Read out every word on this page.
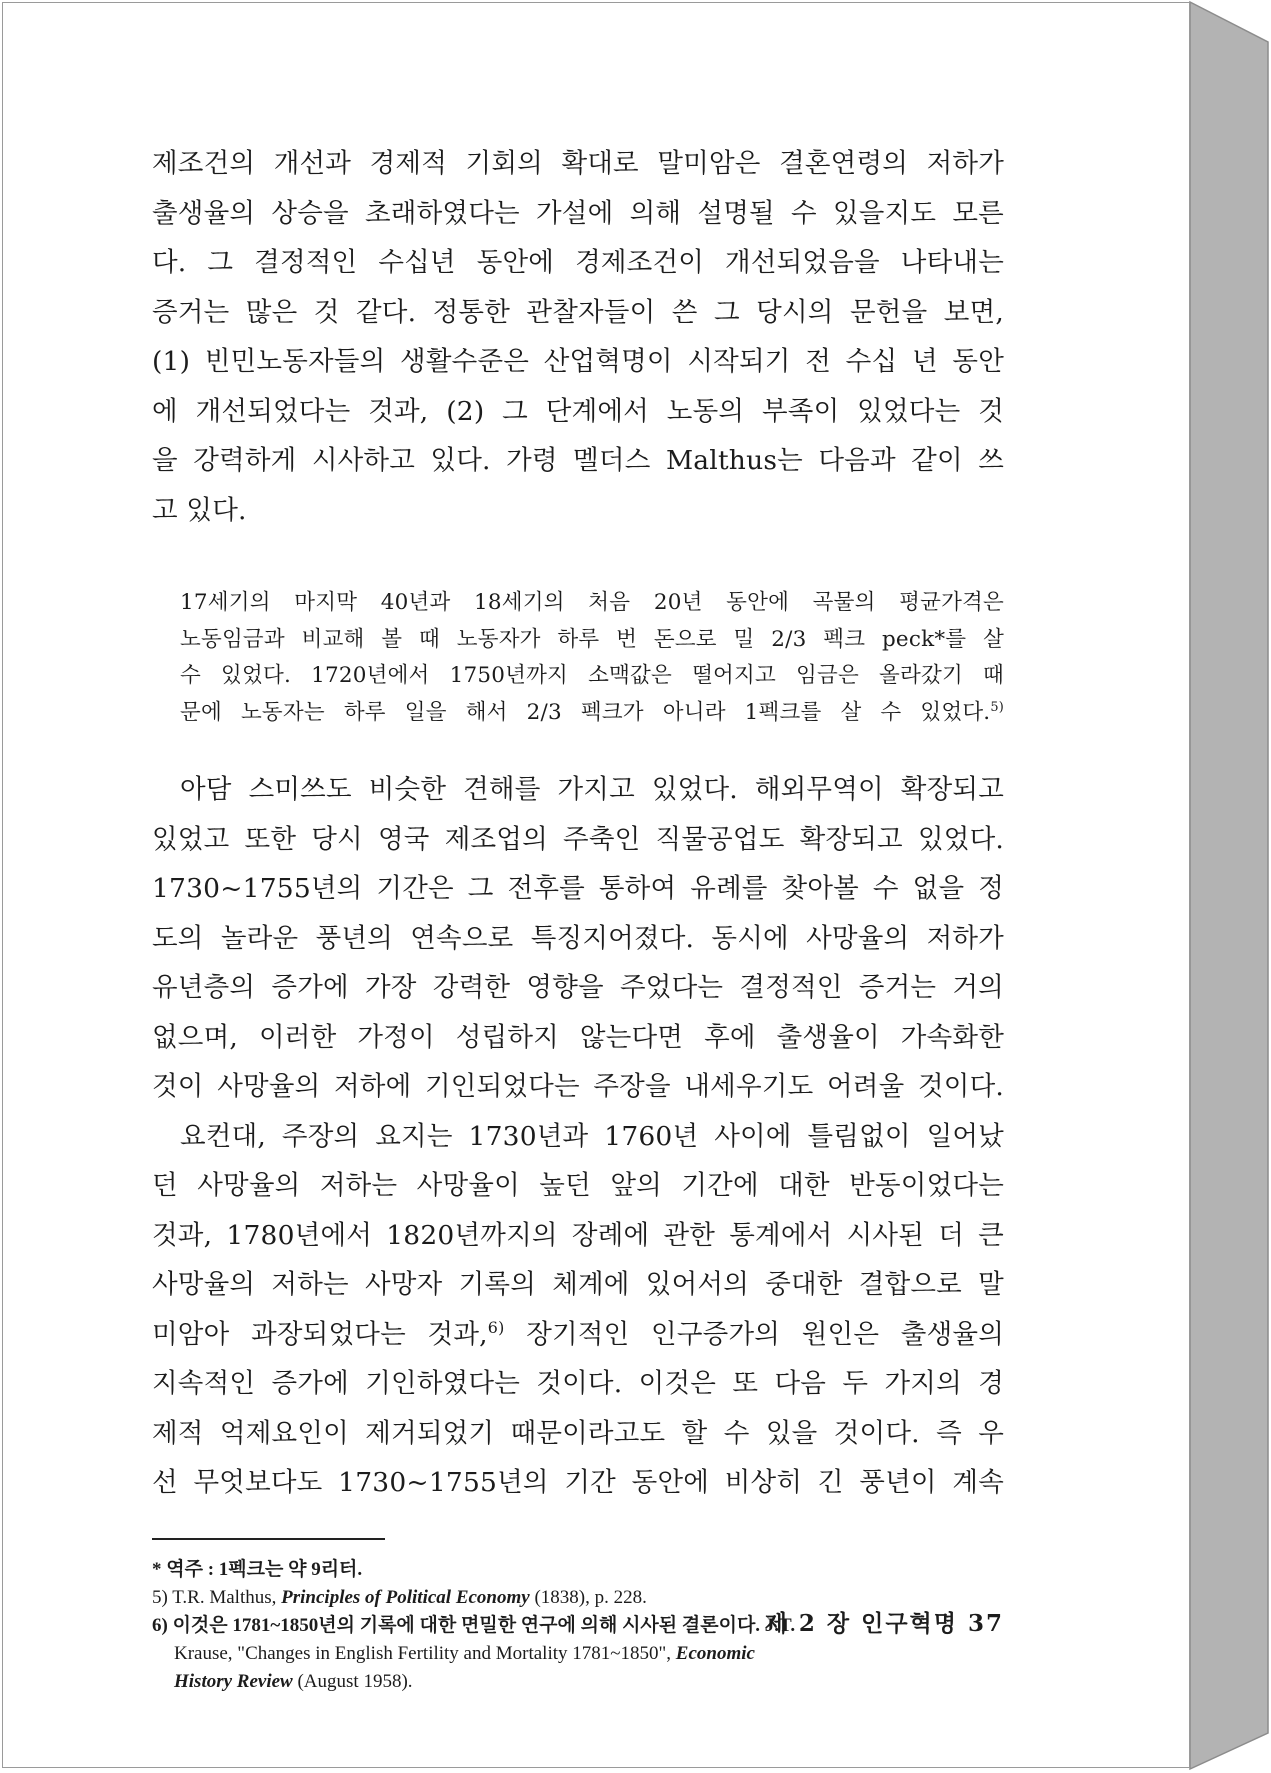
제조건의 개선과 경제적 기회의 확대로 말미암은 결혼연령의 저하가
출생율의 상승을 초래하였다는 가설에 의해 설명될 수 있을지도 모른
다. 그 결정적인 수십년 동안에 경제조건이 개선되었음을 나타내는
증거는 많은 것 같다. 정통한 관찰자들이 쓴 그 당시의 문헌을 보면,
(1) 빈민노동자들의 생활수준은 산업혁명이 시작되기 전 수십 년 동안
에 개선되었다는 것과, (2) 그 단계에서 노동의 부족이 있었다는 것
을 강력하게 시사하고 있다. 가령 멜더스 Malthus는 다음과 같이 쓰
고 있다.
17세기의 마지막 40년과 18세기의 처음 20년 동안에 곡물의 평균가격은
노동임금과 비교해 볼 때 노동자가 하루 번 돈으로 밀 2/3 펙크 peck*를 살
수 있었다. 1720년에서 1750년까지 소맥값은 떨어지고 임금은 올라갔기 때
문에 노동자는 하루 일을 해서 2/3 펙크가 아니라 1펙크를 살 수 있었다.$^{5)}$
아담 스미쓰도 비슷한 견해를 가지고 있었다. 해외무역이 확장되고
있었고 또한 당시 영국 제조업의 주축인 직물공업도 확장되고 있었다.
1730~1755년의 기간은 그 전후를 통하여 유례를 찾아볼 수 없을 정
도의 놀라운 풍년의 연속으로 특징지어졌다. 동시에 사망율의 저하가
유년층의 증가에 가장 강력한 영향을 주었다는 결정적인 증거는 거의
없으며, 이러한 가정이 성립하지 않는다면 후에 출생율이 가속화한
것이 사망율의 저하에 기인되었다는 주장을 내세우기도 어려울 것이다.
요컨대, 주장의 요지는 1730년과 1760년 사이에 틀림없이 일어났
던 사망율의 저하는 사망율이 높던 앞의 기간에 대한 반동이었다는
것과, 1780년에서 1820년까지의 장례에 관한 통계에서 시사된 더 큰
사망율의 저하는 사망자 기록의 체계에 있어서의 중대한 결합으로 말
미암아 과장되었다는 것과,$^{6)}$ 장기적인 인구증가의 원인은 출생율의
지속적인 증가에 기인하였다는 것이다. 이것은 또 다음 두 가지의 경
제적 억제요인이 제거되었기 때문이라고도 할 수 있을 것이다. 즉 우
선 무엇보다도 1730~1755년의 기간 동안에 비상히 긴 풍년이 계속
* 역주 : 1펙크는 약 9리터.
5) T.R. Malthus, Principles of Political Economy (1838), p. 228.
6) 이것은 1781~1850년의 기록에 대한 면밀한 연구에 의해 시사된 결론이다. J.T.
Krause, "Changes in English Fertility and Mortality 1781~1850", Economic
History Review (August 1958).
제 2 장 인구혁명 37
